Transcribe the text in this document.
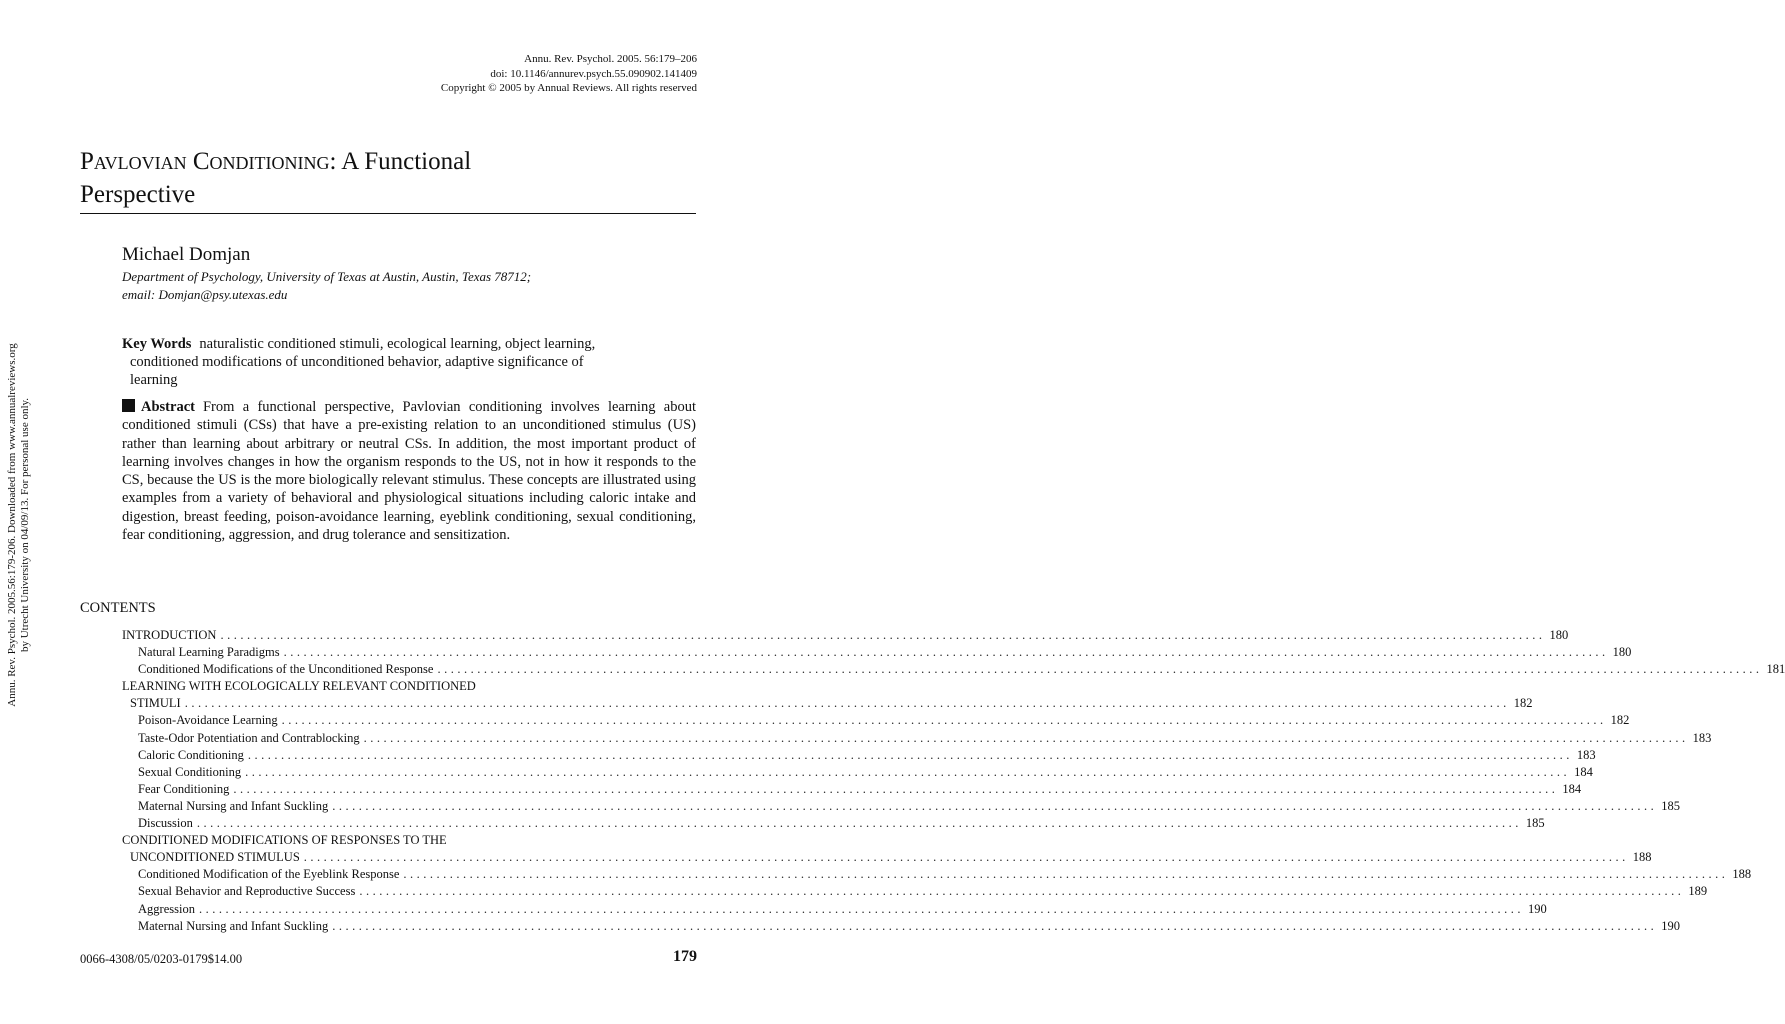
Annu. Rev. Psychol. 2005. 56:179–206
doi: 10.1146/annurev.psych.55.090902.141409
Copyright © 2005 by Annual Reviews. All rights reserved
Annu. Rev. Psychol. 2005.56:179-206. Downloaded from www.annualreviews.org by Utrecht University on 04/09/13. For personal use only.
Pavlovian Conditioning: A Functional
Perspective
Michael Domjan
Department of Psychology, University of Texas at Austin, Austin, Texas 78712;
email: Domjan@psy.utexas.edu
Key Words naturalistic conditioned stimuli, ecological learning, object learning,
conditioned modifications of unconditioned behavior, adaptive significance of
learning
Abstract From a functional perspective, Pavlovian conditioning involves learning about conditioned stimuli (CSs) that have a pre-existing relation to an unconditioned stimulus (US) rather than learning about arbitrary or neutral CSs. In addition, the most important product of learning involves changes in how the organism responds to the US, not in how it responds to the CS, because the US is the more biologically relevant stimulus. These concepts are illustrated using examples from a variety of behavioral and physiological situations including caloric intake and digestion, breast feeding, poison-avoidance learning, eyeblink conditioning, sexual conditioning, fear conditioning, aggression, and drug tolerance and sensitization.
CONTENTS
INTRODUCTION ........................................................................................................................................................................................................ 180
Natural Learning Paradigms ........................................................................................................................................................................................................ 180
Conditioned Modifications of the Unconditioned Response ........................................................................................................................................................................................................ 181
LEARNING WITH ECOLOGICALLY RELEVANT CONDITIONED
STIMULI ........................................................................................................................................................................................................ 182
Poison-Avoidance Learning ........................................................................................................................................................................................................ 182
Taste-Odor Potentiation and Contrablocking ........................................................................................................................................................................................................ 183
Caloric Conditioning ........................................................................................................................................................................................................ 183
Sexual Conditioning ........................................................................................................................................................................................................ 184
Fear Conditioning ........................................................................................................................................................................................................ 184
Maternal Nursing and Infant Suckling ........................................................................................................................................................................................................ 185
Discussion ........................................................................................................................................................................................................ 185
CONDITIONED MODIFICATIONS OF RESPONSES TO THE
UNCONDITIONED STIMULUS ........................................................................................................................................................................................................ 188
Conditioned Modification of the Eyeblink Response ........................................................................................................................................................................................................ 188
Sexual Behavior and Reproductive Success ........................................................................................................................................................................................................ 189
Aggression ........................................................................................................................................................................................................ 190
Maternal Nursing and Infant Suckling ........................................................................................................................................................................................................ 190
0066-4308/05/0203-0179$14.00	179
